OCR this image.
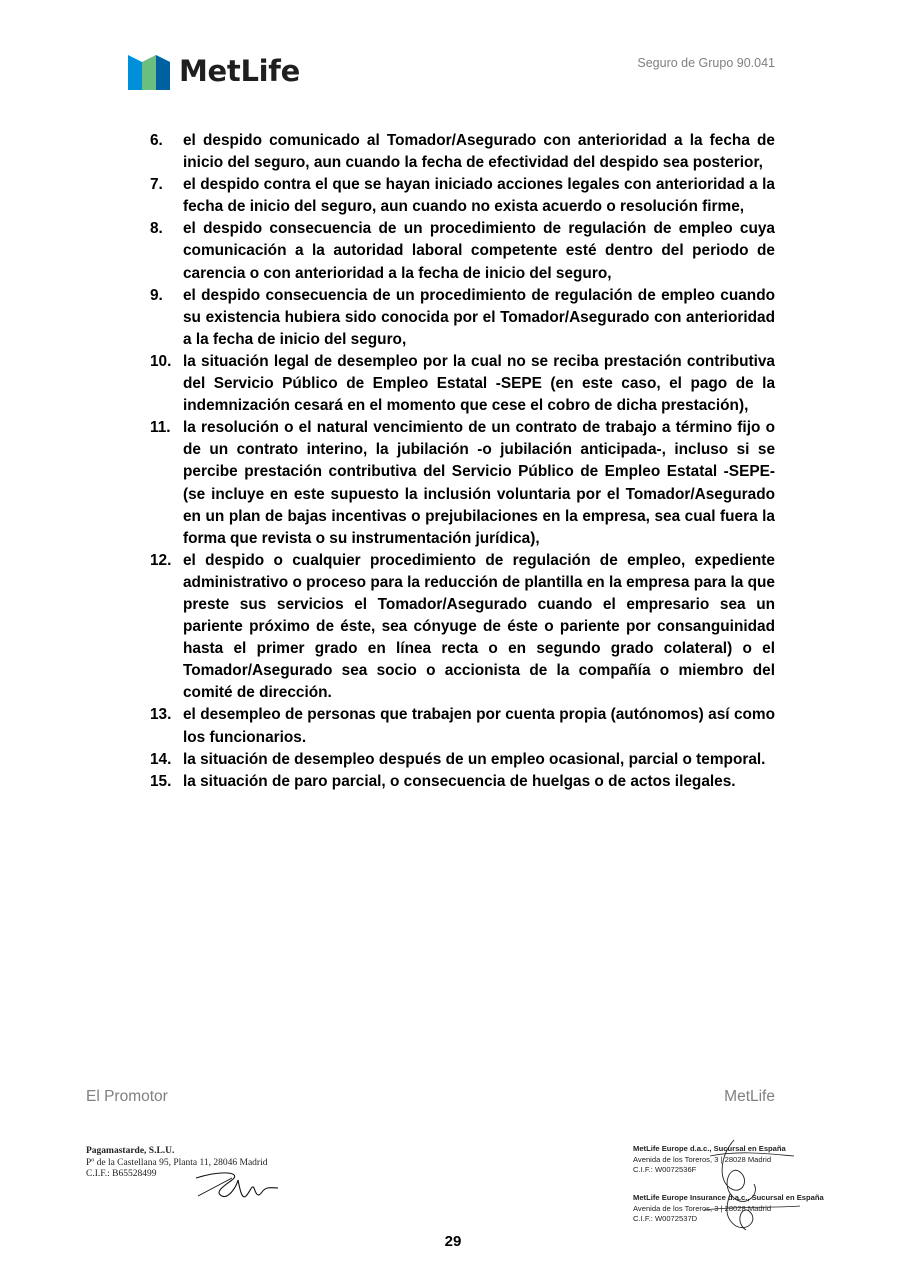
MetLife	Seguro de Grupo 90.041
6.	el despido comunicado al Tomador/Asegurado con anterioridad a la fecha de inicio del seguro, aun cuando la fecha de efectividad del despido sea posterior,
7.	el despido contra el que se hayan iniciado acciones legales con anterioridad a la fecha de inicio del seguro, aun cuando no exista acuerdo o resolución firme,
8.	el despido consecuencia de un procedimiento de regulación de empleo cuya comunicación a la autoridad laboral competente esté dentro del periodo de carencia o con anterioridad a la fecha de inicio del seguro,
9.	el despido consecuencia de un procedimiento de regulación de empleo cuando su existencia hubiera sido conocida por el Tomador/Asegurado con anterioridad a la fecha de inicio del seguro,
10. la situación legal de desempleo por la cual no se reciba prestación contributiva del Servicio Público de Empleo Estatal -SEPE (en este caso, el pago de la indemnización cesará en el momento que cese el cobro de dicha prestación),
11. la resolución o el natural vencimiento de un contrato de trabajo a término fijo o de un contrato interino, la jubilación -o jubilación anticipada-, incluso si se percibe prestación contributiva del Servicio Público de Empleo Estatal -SEPE- (se incluye en este supuesto la inclusión voluntaria por el Tomador/Asegurado en un plan de bajas incentivas o prejubilaciones en la empresa, sea cual fuera la forma que revista o su instrumentación jurídica),
12. el despido o cualquier procedimiento de regulación de empleo, expediente administrativo o proceso para la reducción de plantilla en la empresa para la que preste sus servicios el Tomador/Asegurado cuando el empresario sea un pariente próximo de éste, sea cónyuge de éste o pariente por consanguinidad hasta el primer grado en línea recta o en segundo grado colateral) o el Tomador/Asegurado sea socio o accionista de la compañía o miembro del comité de dirección.
13. el desempleo de personas que trabajen por cuenta propia (autónomos) así como los funcionarios.
14. la situación de desempleo después de un empleo ocasional, parcial o temporal.
15. la situación de paro parcial, o consecuencia de huelgas o de actos ilegales.
El Promotor	MetLife
Pagamastarde, S.L.U.
Pº de la Castellana 95, Planta 11, 28046 Madrid
C.I.F.: B65528499
MetLife Europe d.a.c., Sucursal en España
Avenida de los Toreros, 3 | 28028 Madrid
C.I.F.: W0072536F
MetLife Europe Insurance d.a.c., Sucursal en España
Avenida de los Toreros, 3 | 28028 Madrid
C.I.F.: W0072537D
29
